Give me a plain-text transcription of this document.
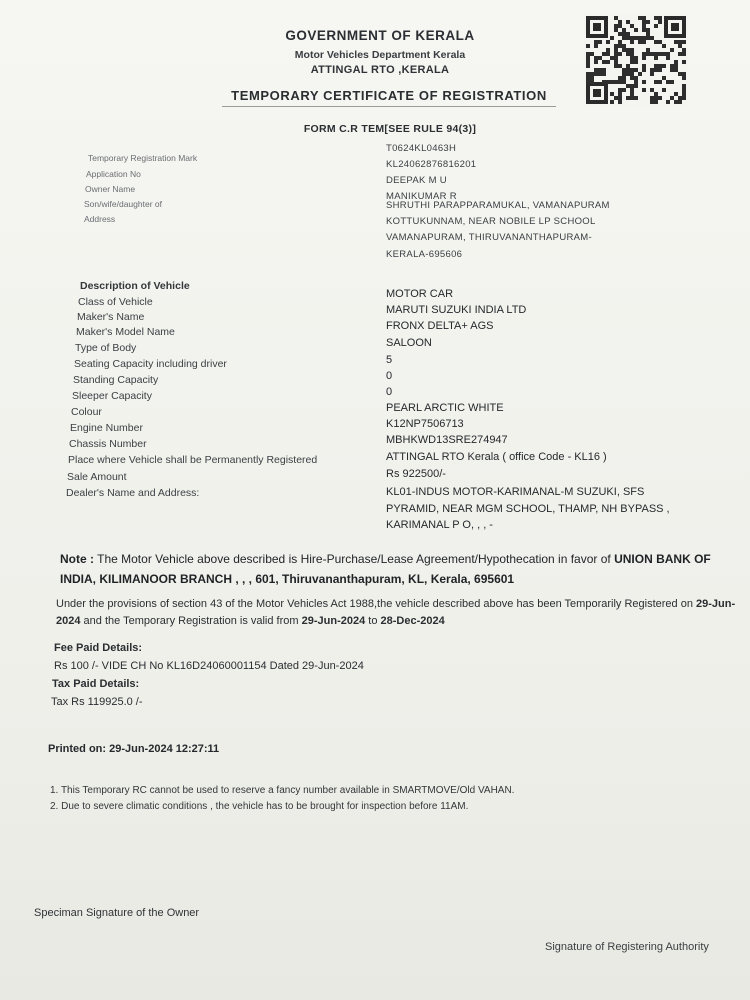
GOVERNMENT OF KERALA
Motor Vehicles Department Kerala
ATTINGAL RTO ,KERALA
TEMPORARY CERTIFICATE OF REGISTRATION
FORM C.R TEM[SEE RULE 94(3)]
Temporary Registration Mark
Application No
Owner Name
Son/wife/daughter of
Address
T0624KL0463H
KL24062876816201
DEEPAK M U
MANIKUMAR R
SHRUTHI PARAPPARAMUKAL, VAMANAPURAM
KOTTUKUNNAM, NEAR NOBILE LP SCHOOL
VAMANAPURAM, THIRUVANANTHAPURAM-
KERALA-695606
Description of Vehicle
Class of Vehicle
Maker's Name
Maker's Model Name
Type of Body
Seating Capacity including driver
Standing Capacity
Sleeper Capacity
Colour
Engine Number
Chassis Number
Place where Vehicle shall be Permanently Registered
Sale Amount
Dealer's Name and Address:
MOTOR CAR
MARUTI SUZUKI INDIA LTD
FRONX DELTA+ AGS
SALOON
5
0
0
PEARL ARCTIC WHITE
K12NP7506713
MBHKWD13SRE274947
ATTINGAL RTO Kerala ( office Code - KL16 )
Rs 922500/-
KL01-INDUS MOTOR-KARIMANAL-M SUZUKI, SFS
PYRAMID, NEAR MGM SCHOOL, THAMP, NH BYPASS ,
KARIMANAL P O, , , -
Note : The Motor Vehicle above described is Hire-Purchase/Lease Agreement/Hypothecation in favor of UNION BANK OF INDIA, KILIMANOOR BRANCH , , , 601, Thiruvananthapuram, KL, Kerala, 695601
Under the provisions of section 43 of the Motor Vehicles Act 1988,the vehicle described above has been Temporarily Registered on 29-Jun-2024 and the Temporary Registration is valid from 29-Jun-2024 to 28-Dec-2024
Fee Paid Details:
Rs 100 /- VIDE CH No KL16D24060001154 Dated 29-Jun-2024
Tax Paid Details:
Tax Rs 119925.0 /-
Printed on: 29-Jun-2024 12:27:11
1. This Temporary RC cannot be used to reserve a fancy number available in SMARTMOVE/Old VAHAN.
2. Due to severe climatic conditions , the vehicle has to be brought for inspection before 11AM.
Speciman Signature of the Owner
Signature of Registering Authority
